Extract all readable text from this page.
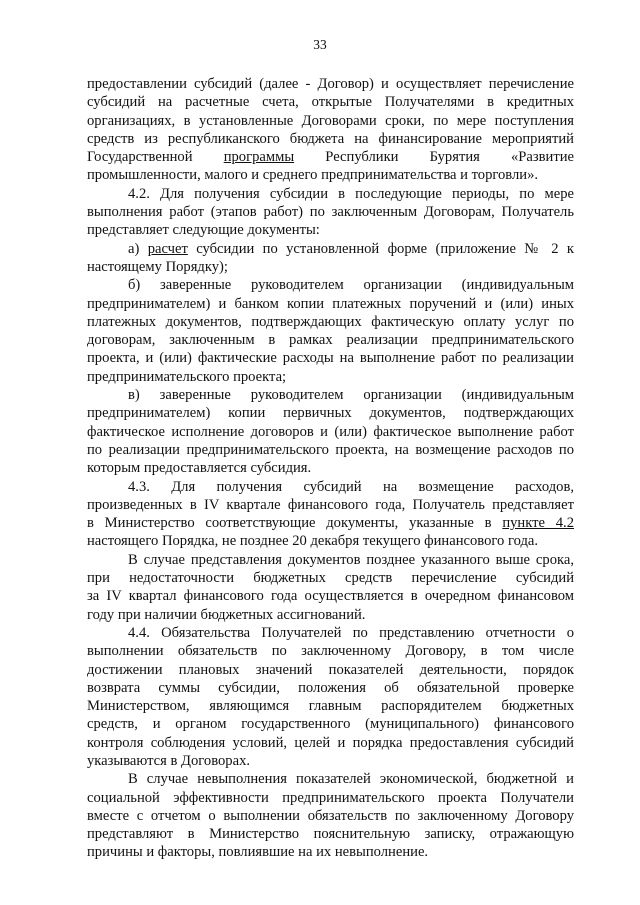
33
предоставлении субсидий (далее - Договор) и осуществляет перечисление
субсидий на расчетные счета, открытые Получателями в кредитных
организациях, в установленные Договорами сроки, по мере поступления
средств из республиканского бюджета на финансирование мероприятий
Государственной программы Республики Бурятия «Развитие
промышленности, малого и среднего предпринимательства и торговли».
4.2. Для получения субсидии в последующие периоды, по мере
выполнения работ (этапов работ) по заключенным Договорам, Получатель
представляет следующие документы:
а) расчет субсидии по установленной форме (приложение № 2 к
настоящему Порядку);
б) заверенные руководителем организации (индивидуальным
предпринимателем) и банком копии платежных поручений и (или) иных
платежных документов, подтверждающих фактическую оплату услуг по
договорам, заключенным в рамках реализации предпринимательского
проекта, и (или) фактические расходы на выполнение работ по реализации
предпринимательского проекта;
в) заверенные руководителем организации (индивидуальным
предпринимателем) копии первичных документов, подтверждающих
фактическое исполнение договоров и (или) фактическое выполнение работ
по реализации предпринимательского проекта, на возмещение расходов по
которым предоставляется субсидия.
4.3. Для получения субсидий на возмещение расходов,
произведенных в IV квартале финансового года, Получатель представляет
в Министерство соответствующие документы, указанные в пункте 4.2
настоящего Порядка, не позднее 20 декабря текущего финансового года.
В случае представления документов позднее указанного выше срока,
при недостаточности бюджетных средств перечисление субсидий
за IV квартал финансового года осуществляется в очередном финансовом
году при наличии бюджетных ассигнований.
4.4. Обязательства Получателей по представлению отчетности о
выполнении обязательств по заключенному Договору, в том числе
достижении плановых значений показателей деятельности, порядок
возврата суммы субсидии, положения об обязательной проверке
Министерством, являющимся главным распорядителем бюджетных
средств, и органом государственного (муниципального) финансового
контроля соблюдения условий, целей и порядка предоставления субсидий
указываются в Договорах.
В случае невыполнения показателей экономической, бюджетной и
социальной эффективности предпринимательского проекта Получатели
вместе с отчетом о выполнении обязательств по заключенному Договору
представляют в Министерство пояснительную записку, отражающую
причины и факторы, повлиявшие на их невыполнение.
